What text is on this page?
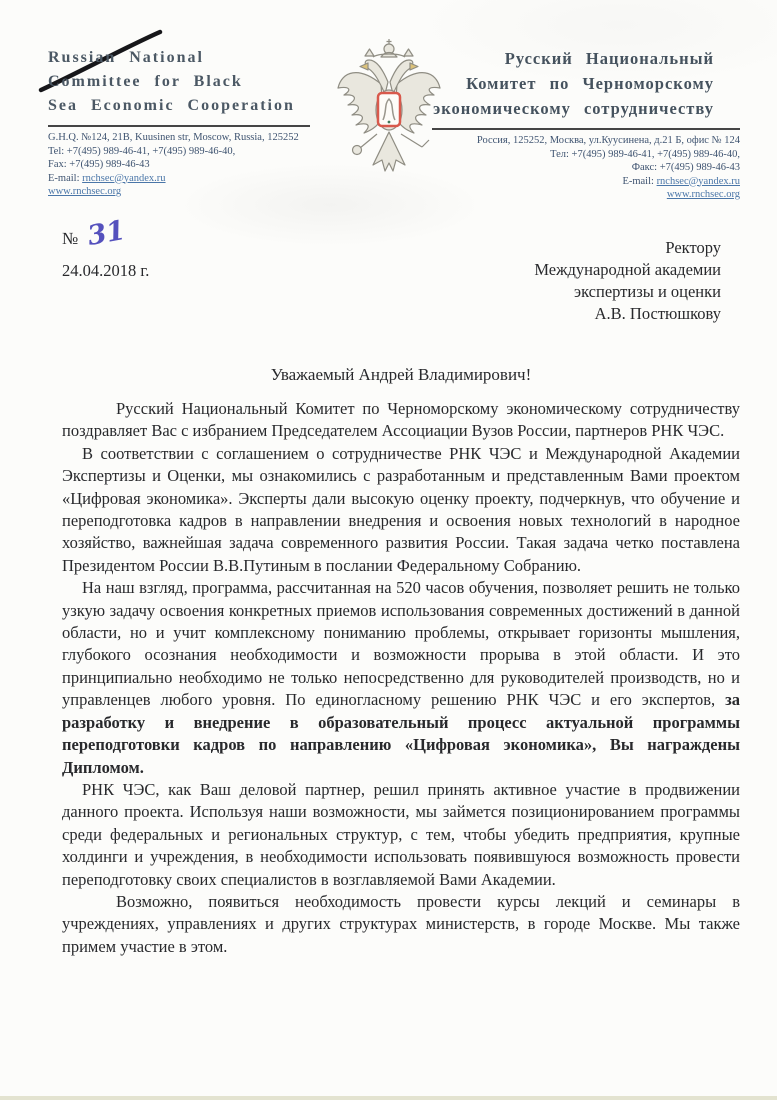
Russian National
Committee for Black
Sea Economic Cooperation
G.H.Q. №124, 21B, Kuusinen str, Moscow, Russia, 125252
Tel: +7(495) 989-46-41, +7(495) 989-46-40,
Fax: +7(495) 989-46-43
E-mail: rnchsec@yandex.ru
www.rnchsec.org
Русский Национальный
Комитет по Черноморскому
экономическому сотрудничеству
Россия, 125252, Москва, ул.Куусинена, д.21 Б, офис № 124
Тел: +7(495) 989-46-41, +7(495) 989-46-40,
Факс: +7(495) 989-46-43
E-mail: rnchsec@yandex.ru
www.rnchsec.org
№ 31
24.04.2018 г.
Ректору
Международной академии
экспертизы и оценки
А.В. Постюшкову
Уважаемый Андрей Владимирович!

Русский Национальный Комитет по Черноморскому экономическому сотрудничеству поздравляет Вас с избранием Председателем Ассоциации Вузов России, партнеров РНК ЧЭС.

В соответствии с соглашением о сотрудничестве РНК ЧЭС и Международной Академии Экспертизы и Оценки, мы ознакомились с разработанным и представленным Вами проектом «Цифровая экономика». Эксперты дали высокую оценку проекту, подчеркнув, что обучение и переподготовка кадров в направлении внедрения и освоения новых технологий в народное хозяйство, важнейшая задача современного развития России. Такая задача четко поставлена Президентом России В.В.Путиным в послании Федеральному Собранию.

На наш взгляд, программа, рассчитанная на 520 часов обучения, позволяет решить не только узкую задачу освоения конкретных приемов использования современных достижений в данной области, но и учит комплексному пониманию проблемы, открывает горизонты мышления, глубокого осознания необходимости и возможности прорыва в этой области. И это принципиально необходимо не только непосредственно для руководителей производств, но и управленцев любого уровня. По единогласному решению РНК ЧЭС и его экспертов, за разработку и внедрение в образовательный процесс актуальной программы переподготовки кадров по направлению «Цифровая экономика», Вы награждены Дипломом.

РНК ЧЭС, как Ваш деловой партнер, решил принять активное участие в продвижении данного проекта. Используя наши возможности, мы займется позиционированием программы среди федеральных и региональных структур, с тем, чтобы убедить предприятия, крупные холдинги и учреждения, в необходимости использовать появившуюся возможность провести переподготовку своих специалистов в возглавляемой Вами Академии.

Возможно, появиться необходимость провести курсы лекций и семинары в учреждениях, управлениях и других структурах министерств, в городе Москве. Мы также примем участие в этом.
